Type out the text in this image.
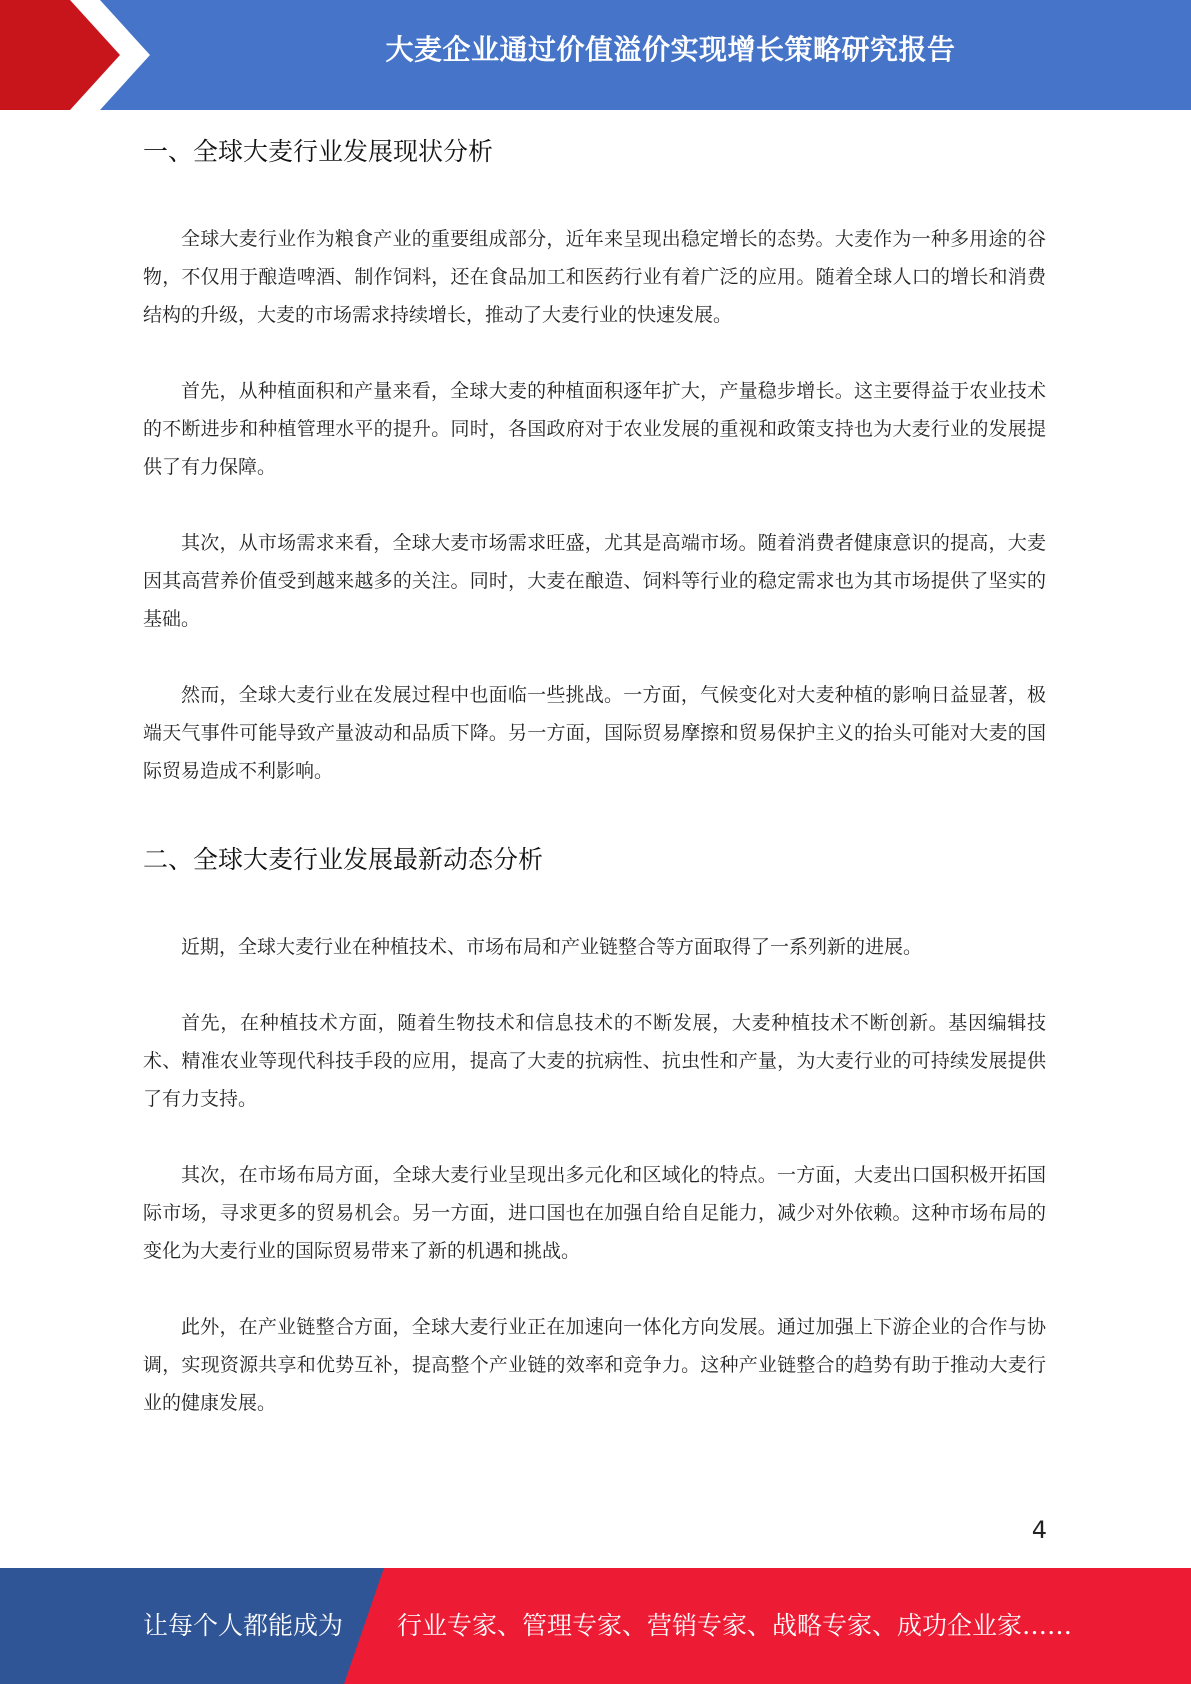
大麦企业通过价值溢价实现增长策略研究报告
一、全球大麦行业发展现状分析

全球大麦行业作为粮食产业的重要组成部分，近年来呈现出稳定增长的态势。大麦作为一种多用途的谷物，不仅用于酿造啤酒、制作饲料，还在食品加工和医药行业有着广泛的应用。随着全球人口的增长和消费结构的升级，大麦的市场需求持续增长，推动了大麦行业的快速发展。

首先，从种植面积和产量来看，全球大麦的种植面积逐年扩大，产量稳步增长。这主要得益于农业技术的不断进步和种植管理水平的提升。同时，各国政府对于农业发展的重视和政策支持也为大麦行业的发展提供了有力保障。

其次，从市场需求来看，全球大麦市场需求旺盛，尤其是高端市场。随着消费者健康意识的提高，大麦因其高营养价值受到越来越多的关注。同时，大麦在酿造、饲料等行业的稳定需求也为其市场提供了坚实的基础。

然而，全球大麦行业在发展过程中也面临一些挑战。一方面，气候变化对大麦种植的影响日益显著，极端天气事件可能导致产量波动和品质下降。另一方面，国际贸易摩擦和贸易保护主义的抬头可能对大麦的国际贸易造成不利影响。

二、全球大麦行业发展最新动态分析

近期，全球大麦行业在种植技术、市场布局和产业链整合等方面取得了一系列新的进展。

首先，在种植技术方面，随着生物技术和信息技术的不断发展，大麦种植技术不断创新。基因编辑技术、精准农业等现代科技手段的应用，提高了大麦的抗病性、抗虫性和产量，为大麦行业的可持续发展提供了有力支持。

其次，在市场布局方面，全球大麦行业呈现出多元化和区域化的特点。一方面，大麦出口国积极开拓国际市场，寻求更多的贸易机会。另一方面，进口国也在加强自给自足能力，减少对外依赖。这种市场布局的变化为大麦行业的国际贸易带来了新的机遇和挑战。

此外，在产业链整合方面，全球大麦行业正在加速向一体化方向发展。通过加强上下游企业的合作与协调，实现资源共享和优势互补，提高整个产业链的效率和竞争力。这种产业链整合的趋势有助于推动大麦行业的健康发展。

4
让每个人都能成为 行业专家、管理专家、营销专家、战略专家、成功企业家……
